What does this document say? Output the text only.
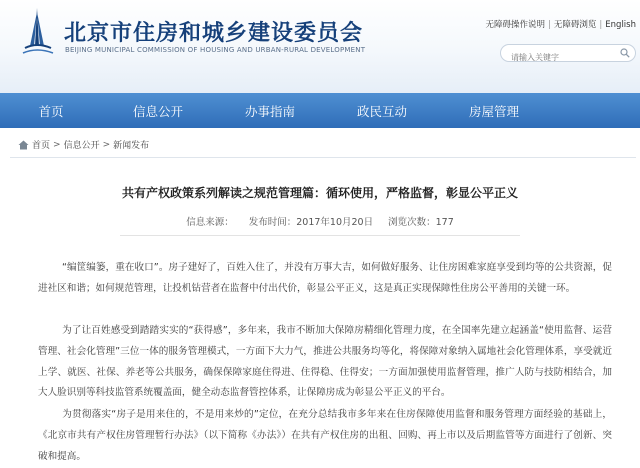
北京市住房和城乡建设委员会
BEIJING MUNICIPAL COMMISSION OF HOUSING AND URBAN-RURAL DEVELOPMENT
无障碍操作说明 | 无障碍浏览 | English
请输入关键字
首页	信息公开	办事指南	政民互动	房屋管理
首页 > 信息公开 > 新闻发布
共有产权政策系列解读之规范管理篇：循环使用，严格监督，彰显公平正义
信息来源： 发布时间：2017年10月20日 浏览次数：177
“编筐编篓，重在收口”。房子建好了，百姓入住了，并没有万事大吉，如何做好服务、让住房困难家庭享受到均等的公共资源，促进社区和谐；如何规范管理，让投机钻营者在监督中付出代价，彰显公平正义，这是真正实现保障性住房公平善用的关键一环。
为了让百姓感受到踏踏实实的“获得感”，多年来，我市不断加大保障房精细化管理力度，在全国率先建立起涵盖“使用监督、运营管理、社会化管理”三位一体的服务管理模式，一方面下大力气，推进公共服务均等化，将保障对象纳入属地社会化管理体系，享受就近上学、就医、社保、养老等公共服务，确保保障家庭住得进、住得稳、住得安；一方面加强使用监督管理，推广人防与技防相结合，加大人脸识别等科技监管系统覆盖面，健全动态监督管控体系，让保障房成为彰显公平正义的平台。
为贯彻落实“房子是用来住的，不是用来炒的”定位，在充分总结我市多年来在住房保障使用监督和服务管理方面经验的基础上，《北京市共有产权住房管理暂行办法》（以下简称《办法》）在共有产权住房的出租、回购、再上市以及后期监管等方面进行了创新、突破和提高。
